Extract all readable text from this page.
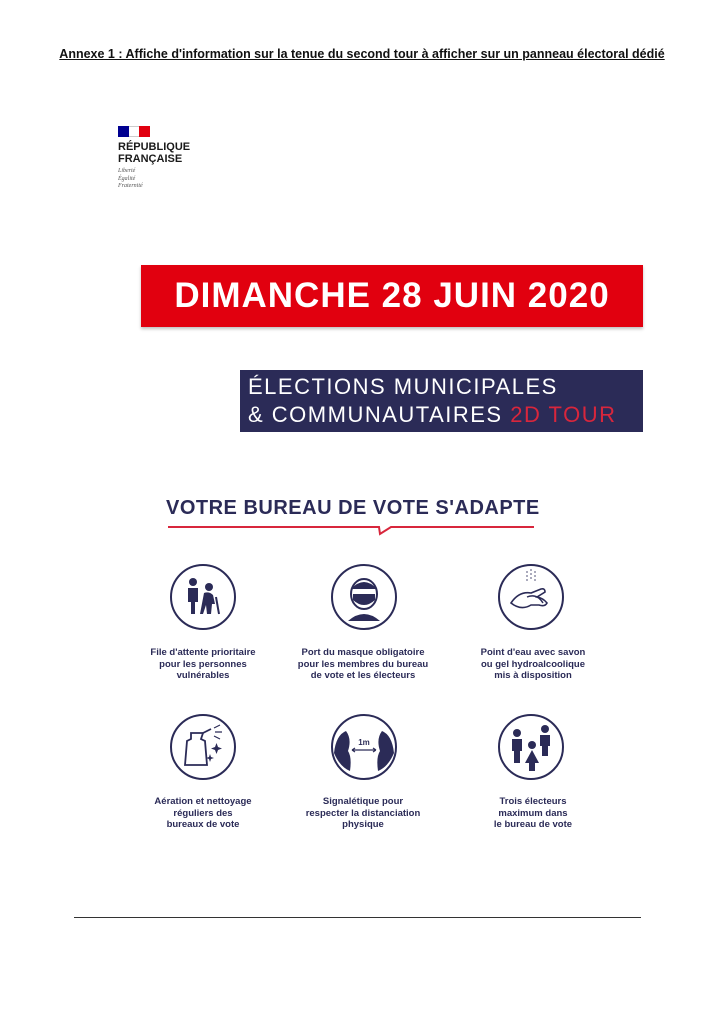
Annexe 1 : Affiche d'information sur la tenue du second tour à afficher sur un panneau électoral dédié
RÉPUBLIQUE
FRANÇAISE
Liberté
Égalité
Fraternité
DIMANCHE 28 JUIN 2020
ÉLECTIONS MUNICIPALES
& COMMUNAUTAIRES 2D TOUR
VOTRE BUREAU DE VOTE S'ADAPTE
File d'attente prioritaire
pour les personnes
vulnérables
Port du masque obligatoire
pour les membres du bureau
de vote et les électeurs
Point d'eau avec savon
ou gel hydroalcoolique
mis à disposition
1m
Aération et nettoyage
réguliers des
bureaux de vote
Signalétique pour
respecter la distanciation
physique
Trois électeurs
maximum dans
le bureau de vote
